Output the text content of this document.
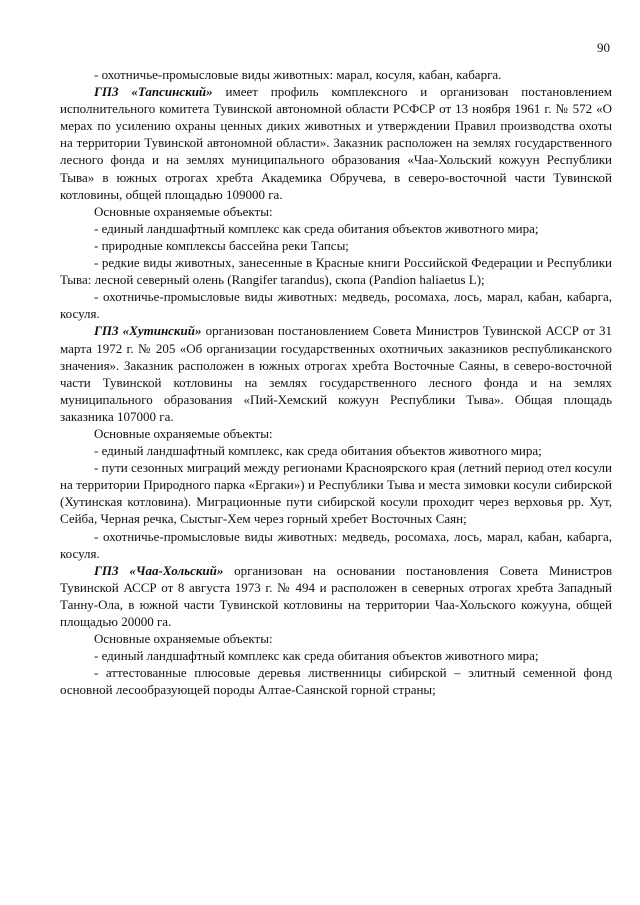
90

- охотничье-промысловые виды животных: марал, косуля, кабан, кабарга.

ГПЗ «Тапсинский» имеет профиль комплексного и организован постановлением исполнительного комитета Тувинской автономной области РСФСР от 13 ноября 1961 г. № 572 «О мерах по усилению охраны ценных диких животных и утверждении Правил производства охоты на территории Тувинской автономной области». Заказник расположен на землях государственного лесного фонда и на землях муниципального образования «Чаа-Хольский кожуун Республики Тыва» в южных отрогах хребта Академика Обручева, в северо-восточной части Тувинской котловины, общей площадью 109000 га.

Основные охраняемые объекты:

- единый ландшафтный комплекс как среда обитания объектов животного мира;

- природные комплексы бассейна реки Тапсы;

- редкие виды животных, занесенные в Красные книги Российской Федерации и Республики Тыва: лесной северный олень (Rangifer tarandus), скопа (Pandion haliaetus L);

- охотничье-промысловые виды животных: медведь, росомаха, лось, марал, кабан, кабарга, косуля.

ГПЗ «Хутинский» организован постановлением Совета Министров Тувинской АССР от 31 марта 1972 г. № 205 «Об организации государственных охотничьих заказников республиканского значения». Заказник расположен в южных отрогах хребта Восточные Саяны, в северо-восточной части Тувинской котловины на землях государственного лесного фонда и на землях муниципального образования «Пий-Хемский кожуун Республики Тыва». Общая площадь заказника 107000 га.

Основные охраняемые объекты:

- единый ландшафтный комплекс, как среда обитания объектов животного мира;

- пути сезонных миграций между регионами Красноярского края (летний период отел косули на территории Природного парка «Ергаки») и Республики Тыва и места зимовки косули сибирской (Хутинская котловина). Миграционные пути сибирской косули проходит через верховья рр. Хут, Сейба, Черная речка, Сыстыг-Хем через горный хребет Восточных Саян;

- охотничье-промысловые виды животных: медведь, росомаха, лось, марал, кабан, кабарга, косуля.

ГПЗ «Чаа-Хольский» организован на основании постановления Совета Министров Тувинской АССР от 8 августа 1973 г. № 494 и расположен в северных отрогах хребта Западный Танну-Ола, в южной части Тувинской котловины на территории Чаа-Хольского кожууна, общей площадью 20000 га.

Основные охраняемые объекты:

- единый ландшафтный комплекс как среда обитания объектов животного мира;

- аттестованные плюсовые деревья лиственницы сибирской – элитный семенной фонд основной лесообразующей породы Алтае-Саянской горной страны;
